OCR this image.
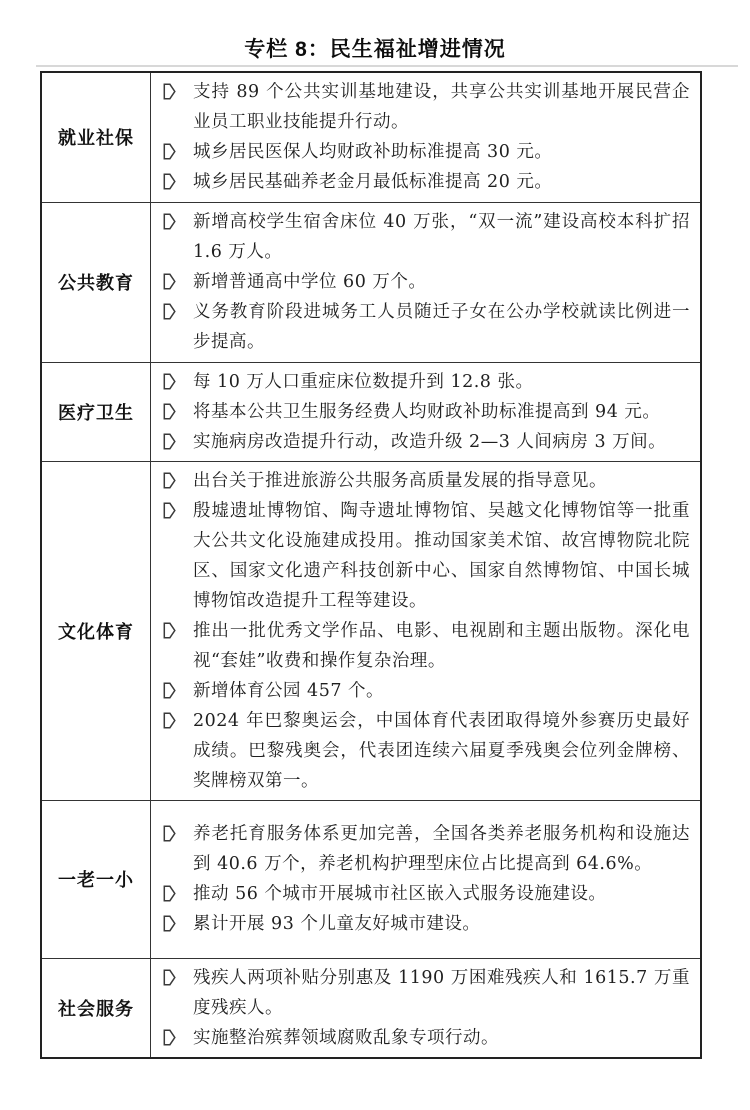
专栏 8：民生福祉增进情况
就业社保	支持 89 个公共实训基地建设，共享公共实训基地开展民营企业员工职业技能提升行动。
城乡居民医保人均财政补助标准提高 30 元。
城乡居民基础养老金月最低标准提高 20 元。

公共教育	新增高校学生宿舍床位 40 万张，“双一流”建设高校本科扩招 1.6 万人。
新增普通高中学位 60 万个。
义务教育阶段进城务工人员随迁子女在公办学校就读比例进一步提高。

医疗卫生	每 10 万人口重症床位数提升到 12.8 张。
将基本公共卫生服务经费人均财政补助标准提高到 94 元。
实施病房改造提升行动，改造升级 2—3 人间病房 3 万间。

文化体育	出台关于推进旅游公共服务高质量发展的指导意见。
殷墟遗址博物馆、陶寺遗址博物馆、吴越文化博物馆等一批重大公共文化设施建成投用。推动国家美术馆、故宫博物院北院区、国家文化遗产科技创新中心、国家自然博物馆、中国长城博物馆改造提升工程等建设。
推出一批优秀文学作品、电影、电视剧和主题出版物。深化电视“套娃”收费和操作复杂治理。
新增体育公园 457 个。
2024 年巴黎奥运会，中国体育代表团取得境外参赛历史最好成绩。巴黎残奥会，代表团连续六届夏季残奥会位列金牌榜、奖牌榜双第一。

一老一小	养老托育服务体系更加完善，全国各类养老服务机构和设施达到 40.6 万个，养老机构护理型床位占比提高到 64.6%。
推动 56 个城市开展城市社区嵌入式服务设施建设。
累计开展 93 个儿童友好城市建设。

社会服务	残疾人两项补贴分别惠及 1190 万困难残疾人和 1615.7 万重度残疾人。
实施整治殡葬领域腐败乱象专项行动。
